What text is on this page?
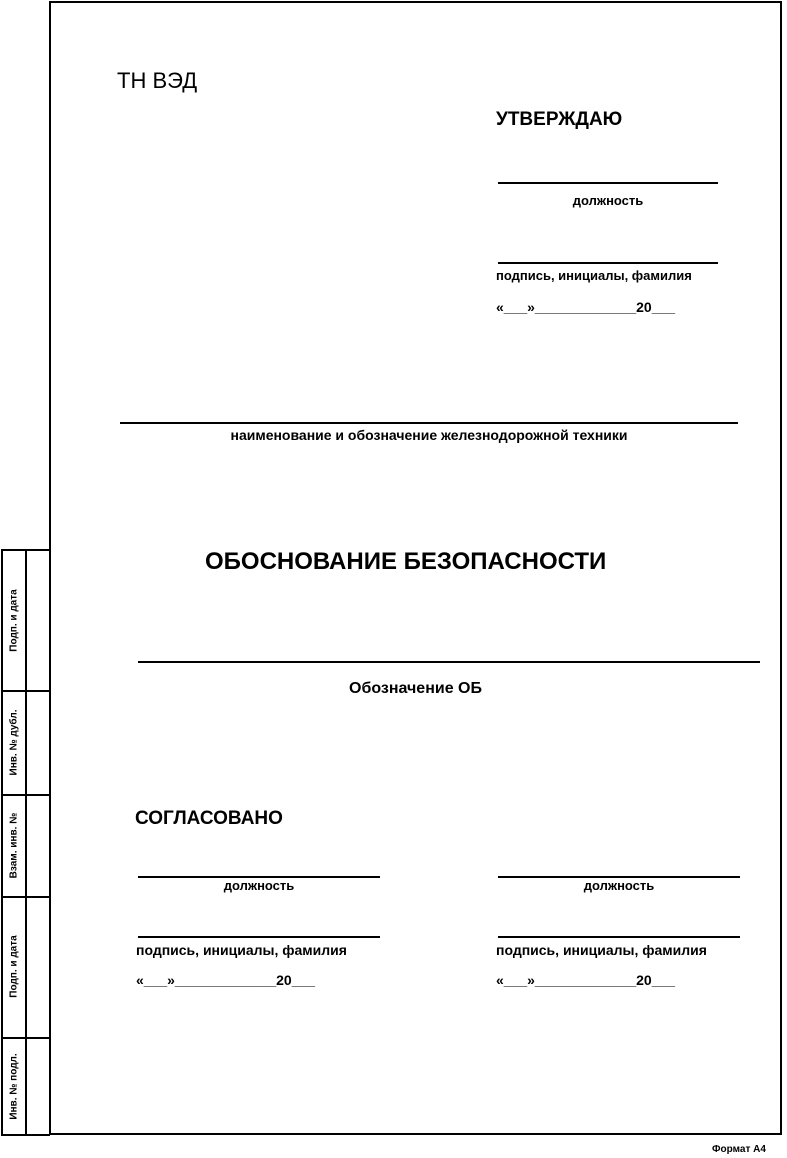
ТН ВЭД
УТВЕРЖДАЮ
должность
подпись, инициалы, фамилия
«___»_____________20___
наименование и обозначение железнодорожной техники
ОБОСНОВАНИЕ БЕЗОПАСНОСТИ
Обозначение ОБ
СОГЛАСОВАНО
должность
подпись, инициалы, фамилия
«___»_____________20___
должность
подпись, инициалы, фамилия
«___»_____________20___
Подп. и дата
Инв. № дубл.
Взам. инв. №
Подп. и дата
Инв. № подл.
Формат А4
